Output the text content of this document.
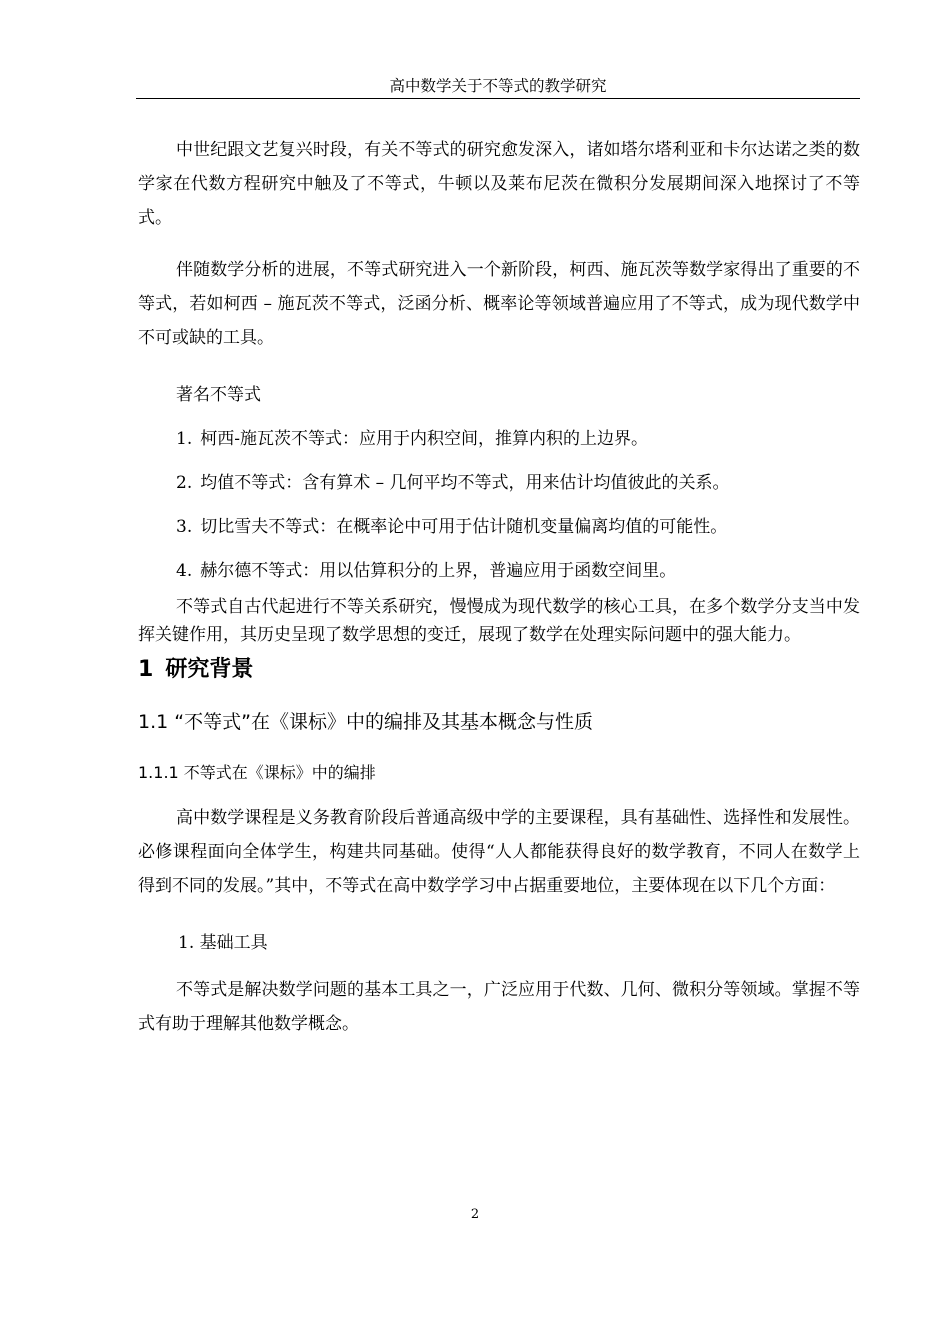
高中数学关于不等式的教学研究

中世纪跟文艺复兴时段，有关不等式的研究愈发深入，诸如塔尔塔利亚和卡尔达诺之类的数学家在代数方程研究中触及了不等式，牛顿以及莱布尼茨在微积分发展期间深入地探讨了不等式。

伴随数学分析的进展，不等式研究进入一个新阶段，柯西、施瓦茨等数学家得出了重要的不等式，若如柯西 – 施瓦茨不等式，泛函分析、概率论等领域普遍应用了不等式，成为现代数学中不可或缺的工具。

著名不等式

1. 柯西-施瓦茨不等式：应用于内积空间，推算内积的上边界。
2. 均值不等式：含有算术 – 几何平均不等式，用来估计均值彼此的关系。
3. 切比雪夫不等式：在概率论中可用于估计随机变量偏离均值的可能性。
4. 赫尔德不等式：用以估算积分的上界，普遍应用于函数空间里。

不等式自古代起进行不等关系研究，慢慢成为现代数学的核心工具，在多个数学分支当中发挥关键作用，其历史呈现了数学思想的变迁，展现了数学在处理实际问题中的强大能力。

1 研究背景
1.1 “不等式”在《课标》中的编排及其基本概念与性质
1.1.1 不等式在《课标》中的编排

高中数学课程是义务教育阶段后普通高级中学的主要课程，具有基础性、选择性和发展性。必修课程面向全体学生，构建共同基础。使得“人人都能获得良好的数学教育，不同人在数学上得到不同的发展。”其中，不等式在高中数学学习中占据重要地位，主要体现在以下几个方面：

1. 基础工具

不等式是解决数学问题的基本工具之一，广泛应用于代数、几何、微积分等领域。掌握不等式有助于理解其他数学概念。

2
